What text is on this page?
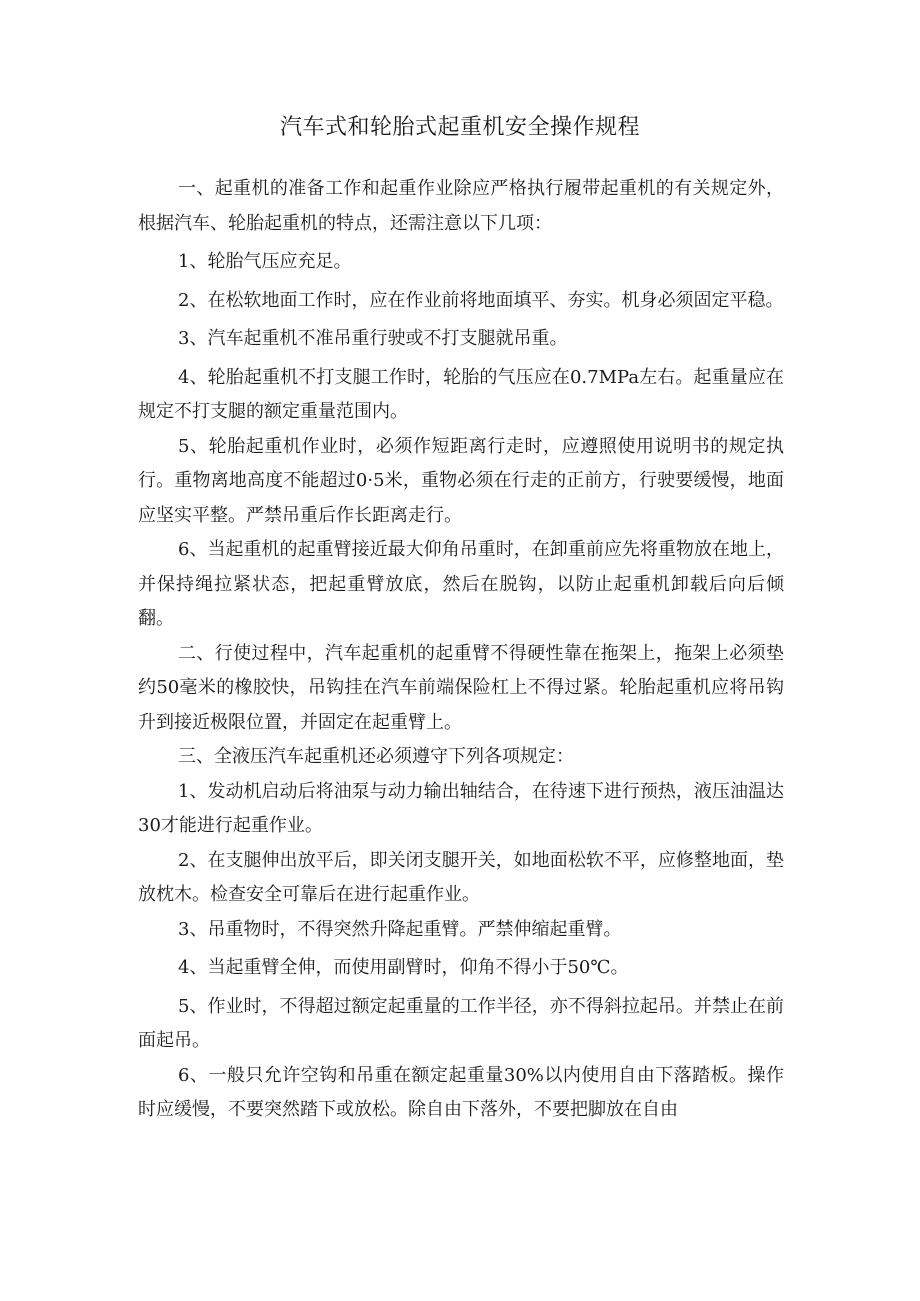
汽车式和轮胎式起重机安全操作规程

一、起重机的准备工作和起重作业除应严格执行履带起重机的有关规定外，根据汽车、轮胎起重机的特点，还需注意以下几项：

1、轮胎气压应充足。

2、在松软地面工作时，应在作业前将地面填平、夯实。机身必须固定平稳。

3、汽车起重机不准吊重行驶或不打支腿就吊重。

4、轮胎起重机不打支腿工作时，轮胎的气压应在0.7MPa左右。起重量应在规定不打支腿的额定重量范围内。

5、轮胎起重机作业时，必须作短距离行走时，应遵照使用说明书的规定执行。重物离地高度不能超过0·5米，重物必须在行走的正前方，行驶要缓慢，地面应坚实平整。严禁吊重后作长距离走行。

6、当起重机的起重臂接近最大仰角吊重时，在卸重前应先将重物放在地上，并保持绳拉紧状态，把起重臂放底，然后在脱钩，以防止起重机卸载后向后倾翻。

二、行使过程中，汽车起重机的起重臂不得硬性靠在拖架上，拖架上必须垫约50毫米的橡胶快，吊钩挂在汽车前端保险杠上不得过紧。轮胎起重机应将吊钩升到接近极限位置，并固定在起重臂上。

三、全液压汽车起重机还必须遵守下列各项规定：

1、发动机启动后将油泵与动力输出轴结合，在待速下进行预热，液压油温达30才能进行起重作业。

2、在支腿伸出放平后，即关闭支腿开关，如地面松软不平，应修整地面，垫放枕木。检查安全可靠后在进行起重作业。

3、吊重物时，不得突然升降起重臂。严禁伸缩起重臂。

4、当起重臂全伸，而使用副臂时，仰角不得小于50℃。

5、作业时，不得超过额定起重量的工作半径，亦不得斜拉起吊。并禁止在前面起吊。

6、一般只允许空钩和吊重在额定起重量30%以内使用自由下落踏板。操作时应缓慢，不要突然踏下或放松。除自由下落外，不要把脚放在自由
